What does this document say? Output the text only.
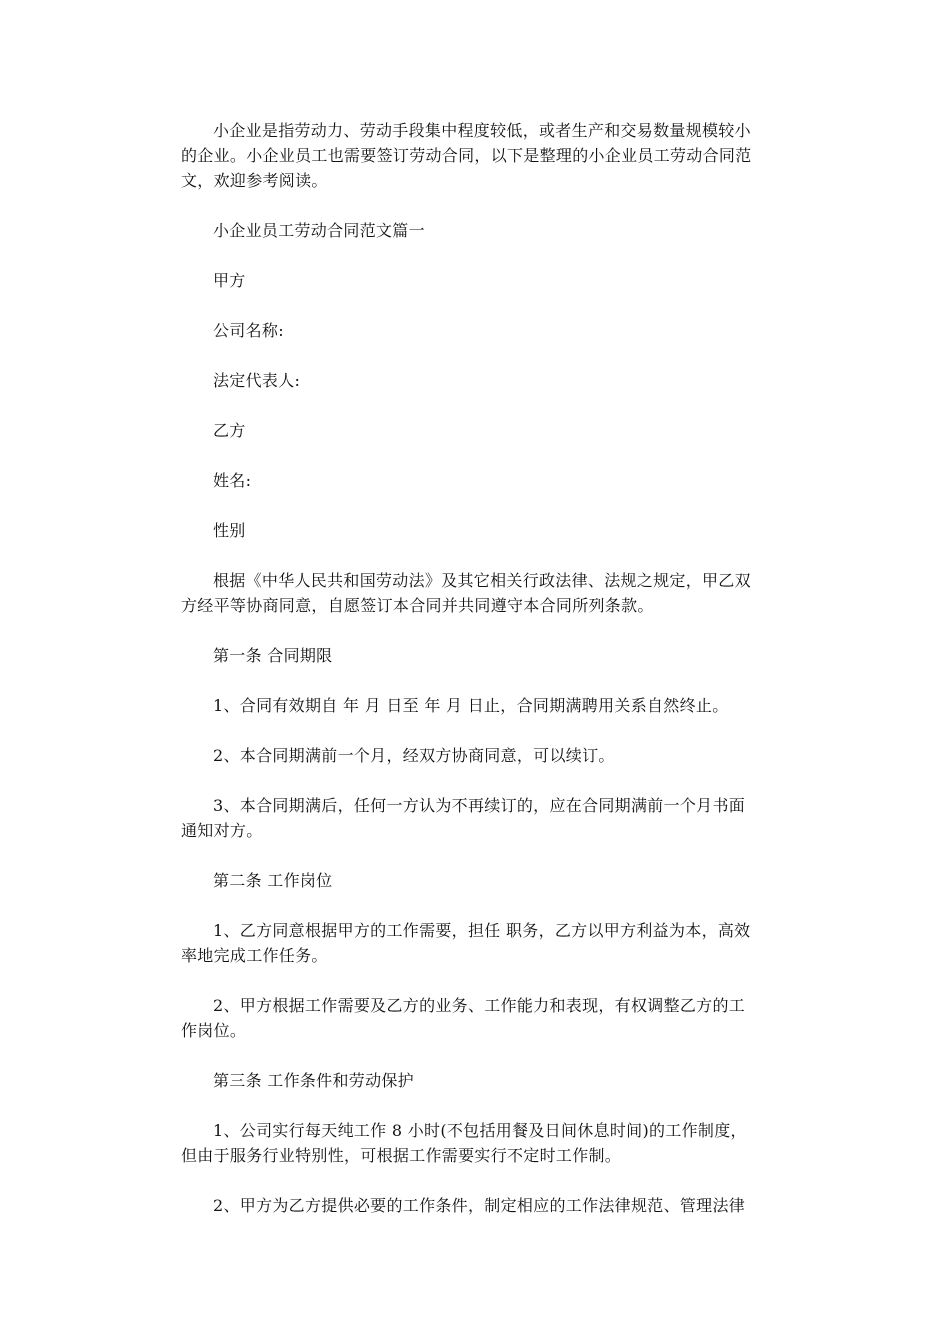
小企业是指劳动力、劳动手段集中程度较低，或者生产和交易数量规模较小
的企业。小企业员工也需要签订劳动合同，以下是整理的小企业员工劳动合同范
文，欢迎参考阅读。

小企业员工劳动合同范文篇一

甲方

公司名称:

法定代表人:

乙方

姓名:

性别

根据《中华人民共和国劳动法》及其它相关行政法律、法规之规定，甲乙双
方经平等协商同意，自愿签订本合同并共同遵守本合同所列条款。

第一条 合同期限

1、合同有效期自 年 月 日至 年 月 日止，合同期满聘用关系自然终止。

2、本合同期满前一个月，经双方协商同意，可以续订。

3、本合同期满后，任何一方认为不再续订的，应在合同期满前一个月书面
通知对方。

第二条 工作岗位

1、乙方同意根据甲方的工作需要，担任 职务，乙方以甲方利益为本，高效
率地完成工作任务。

2、甲方根据工作需要及乙方的业务、工作能力和表现，有权调整乙方的工
作岗位。

第三条 工作条件和劳动保护

1、公司实行每天纯工作 8 小时(不包括用餐及日间休息时间)的工作制度，
但由于服务行业特别性，可根据工作需要实行不定时工作制。

2、甲方为乙方提供必要的工作条件，制定相应的工作法律规范、管理法律
